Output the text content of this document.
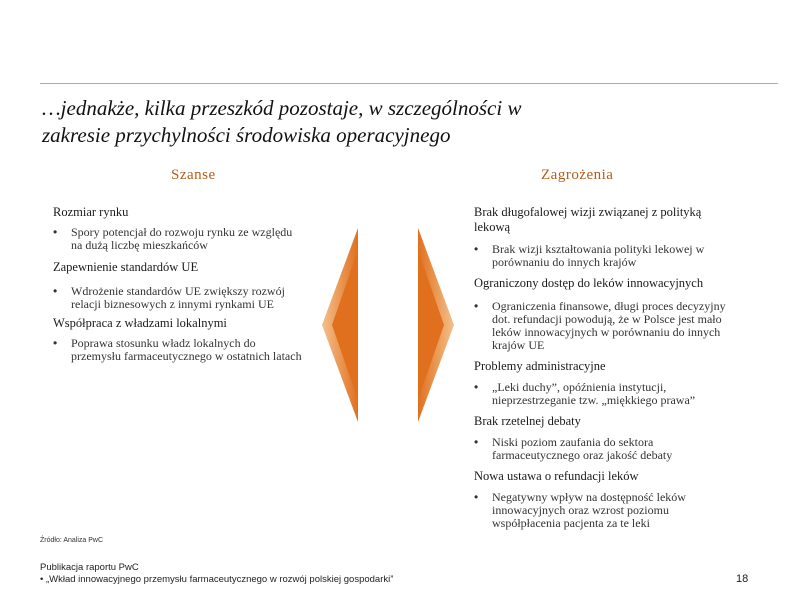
…jednakże, kilka przeszkód pozostaje, w szczególności w
zakresie przychylności środowiska operacyjnego
Szanse	Zagrożenia

Rozmiar rynku

•	Spory potencjał do rozwoju rynku ze względu
na dużą liczbę mieszkańców

Zapewnienie standardów UE

•	Wdrożenie standardów UE zwiększy rozwój
relacji biznesowych z innymi rynkami UE

Współpraca z władzami lokalnymi

•	Poprawa stosunku władz lokalnych do
przemysłu farmaceutycznego w ostatnich latach

Brak długofalowej wizji związanej z polityką
lekową

•	Brak wizji kształtowania polityki lekowej w
porównaniu do innych krajów

Ograniczony dostęp do leków innowacyjnych

•	Ograniczenia finansowe, długi proces decyzyjny
dot. refundacji powodują, że w Polsce jest mało
leków innowacyjnych w porównaniu do innych
krajów UE

Problemy administracyjne

•	„Leki duchy”, opóźnienia instytucji,
nieprzestrzeganie tzw. „miękkiego prawa”

Brak rzetelnej debaty

•	Niski poziom zaufania do sektora
farmaceutycznego oraz jakość debaty

Nowa ustawa o refundacji leków

•	Negatywny wpływ na dostępność leków
innowacyjnych oraz wzrost poziomu
współpłacenia pacjenta za te leki
Źródło: Analiza PwC
Publikacja raportu PwC
• „Wkład innowacyjnego przemysłu farmaceutycznego w rozwój polskiej gospodarki”	18
